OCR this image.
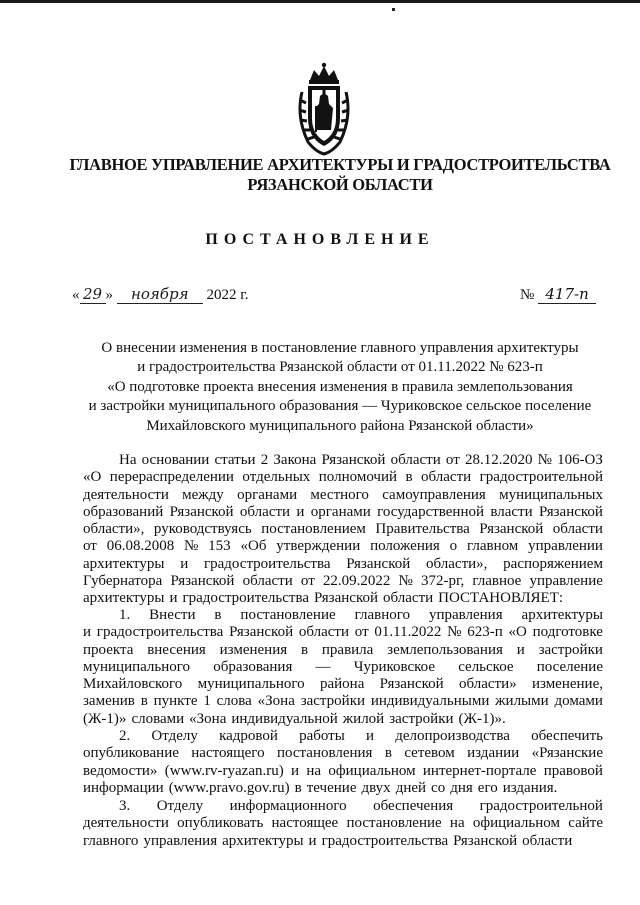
ГЛАВНОЕ УПРАВЛЕНИЕ АРХИТЕКТУРЫ И ГРАДОСТРОИТЕЛЬСТВА
РЯЗАНСКОЙ ОБЛАСТИ
ПОСТАНОВЛЕНИЕ
« 29 » ноября 2022 г.	№ 417-п
О внесении изменения в постановление главного управления архитектуры
и градостроительства Рязанской области от 01.11.2022 № 623-п
«О подготовке проекта внесения изменения в правила землепользования
и застройки муниципального образования — Чуриковское сельское поселение
Михайловского муниципального района Рязанской области»
На основании статьи 2 Закона Рязанской области от 28.12.2020 № 106-ОЗ
«О перераспределении отдельных полномочий в области градостроительной
деятельности между органами местного самоуправления муниципальных
образований Рязанской области и органами государственной власти Рязанской
области», руководствуясь постановлением Правительства Рязанской области
от 06.08.2008 № 153 «Об утверждении положения о главном управлении
архитектуры и градостроительства Рязанской области», распоряжением
Губернатора Рязанской области от 22.09.2022 № 372-рг, главное управление
архитектуры и градостроительства Рязанской области ПОСТАНОВЛЯЕТ:
1. Внести в постановление главного управления архитектуры
и градостроительства Рязанской области от 01.11.2022 № 623-п «О подготовке
проекта внесения изменения в правила землепользования и застройки
муниципального образования — Чуриковское сельское поселение
Михайловского муниципального района Рязанской области» изменение,
заменив в пункте 1 слова «Зона застройки индивидуальными жилыми домами
(Ж-1)» словами «Зона индивидуальной жилой застройки (Ж-1)».
2. Отделу кадровой работы и делопроизводства обеспечить
опубликование настоящего постановления в сетевом издании «Рязанские
ведомости» (www.rv-ryazan.ru) и на официальном интернет-портале правовой
информации (www.pravo.gov.ru) в течение двух дней со дня его издания.
3. Отделу информационного обеспечения градостроительной
деятельности опубликовать настоящее постановление на официальном сайте
главного управления архитектуры и градостроительства Рязанской области
